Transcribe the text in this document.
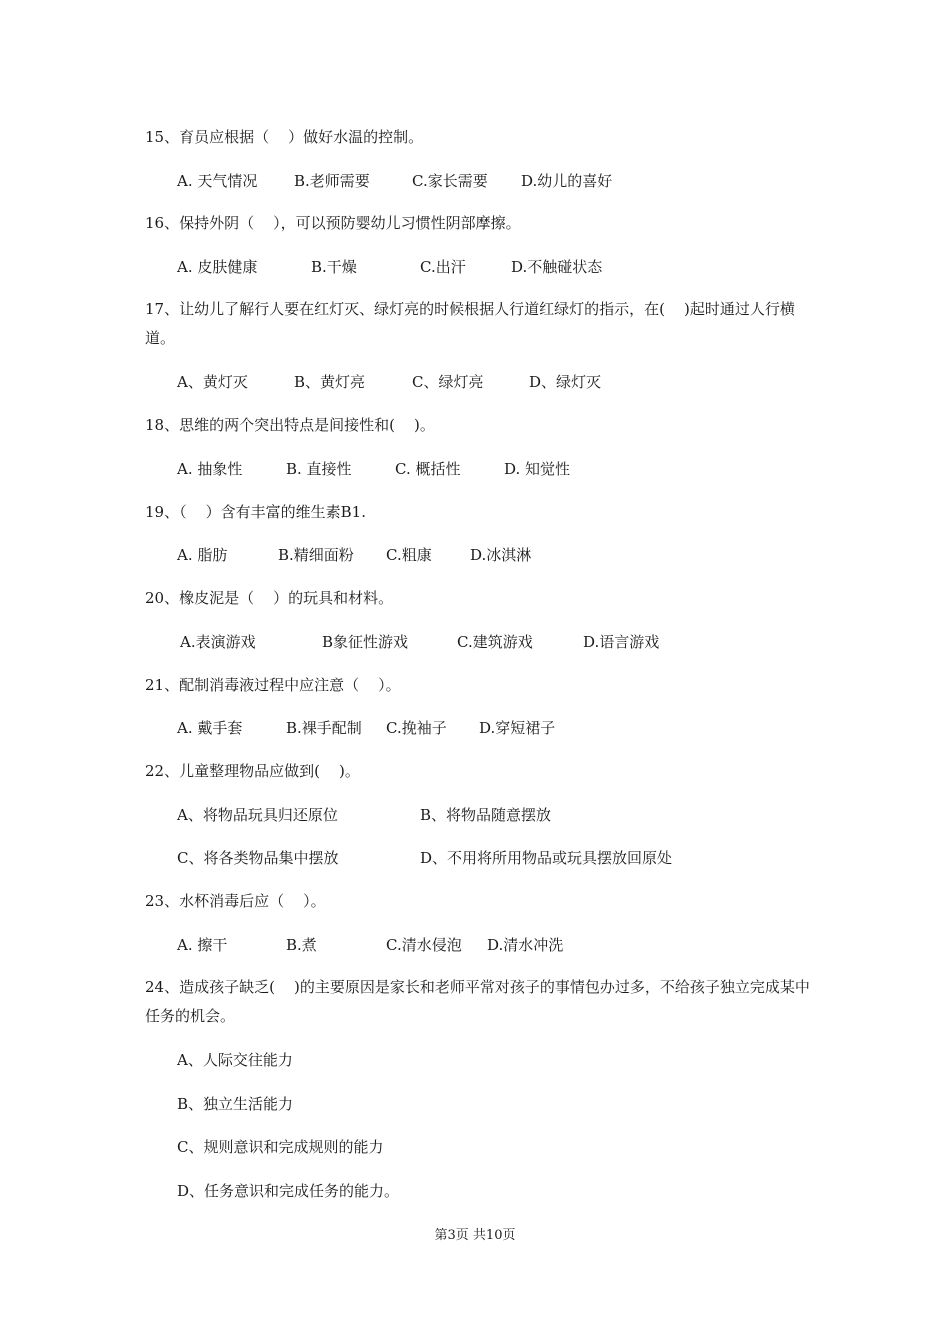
15、育员应根据（    ）做好水温的控制。
A. 天气情况 B.老师需要	C.家长需要 D.幼儿的喜好
16、保持外阴（    ），可以预防婴幼儿习惯性阴部摩擦。
A. 皮肤健康	B.干燥	C.出汗	D.不触碰状态
17、让幼儿了解行人要在红灯灭、绿灯亮的时候根据人行道红绿灯的指示，在(    )起时通过人行横道。
A、黄灯灭	B、黄灯亮	C、绿灯亮	D、绿灯灭
18、思维的两个突出特点是间接性和(    )。
A. 抽象性	B. 直接性	C. 概括性	D. 知觉性
19、（    ）含有丰富的维生素B1.
A. 脂肪	B.精细面粉 C.粗康	D.冰淇淋
20、橡皮泥是（    ）的玩具和材料。
A.表演游戏	B象征性游戏	C.建筑游戏	D.语言游戏
21、配制消毒液过程中应注意（    ）。
A. 戴手套	B.裸手配制 C.挽袖子 D.穿短裙子
22、儿童整理物品应做到(    )。
A、将物品玩具归还原位	B、将物品随意摆放
C、将各类物品集中摆放	D、不用将所用物品或玩具摆放回原处
23、水杯消毒后应（    ）。
A. 擦干	B.煮	C.清水侵泡 D.清水冲洗
24、造成孩子缺乏(    )的主要原因是家长和老师平常对孩子的事情包办过多，不给孩子独立完成某中任务的机会。
A、人际交往能力
B、独立生活能力
C、规则意识和完成规则的能力
D、任务意识和完成任务的能力。
第3页 共10页
